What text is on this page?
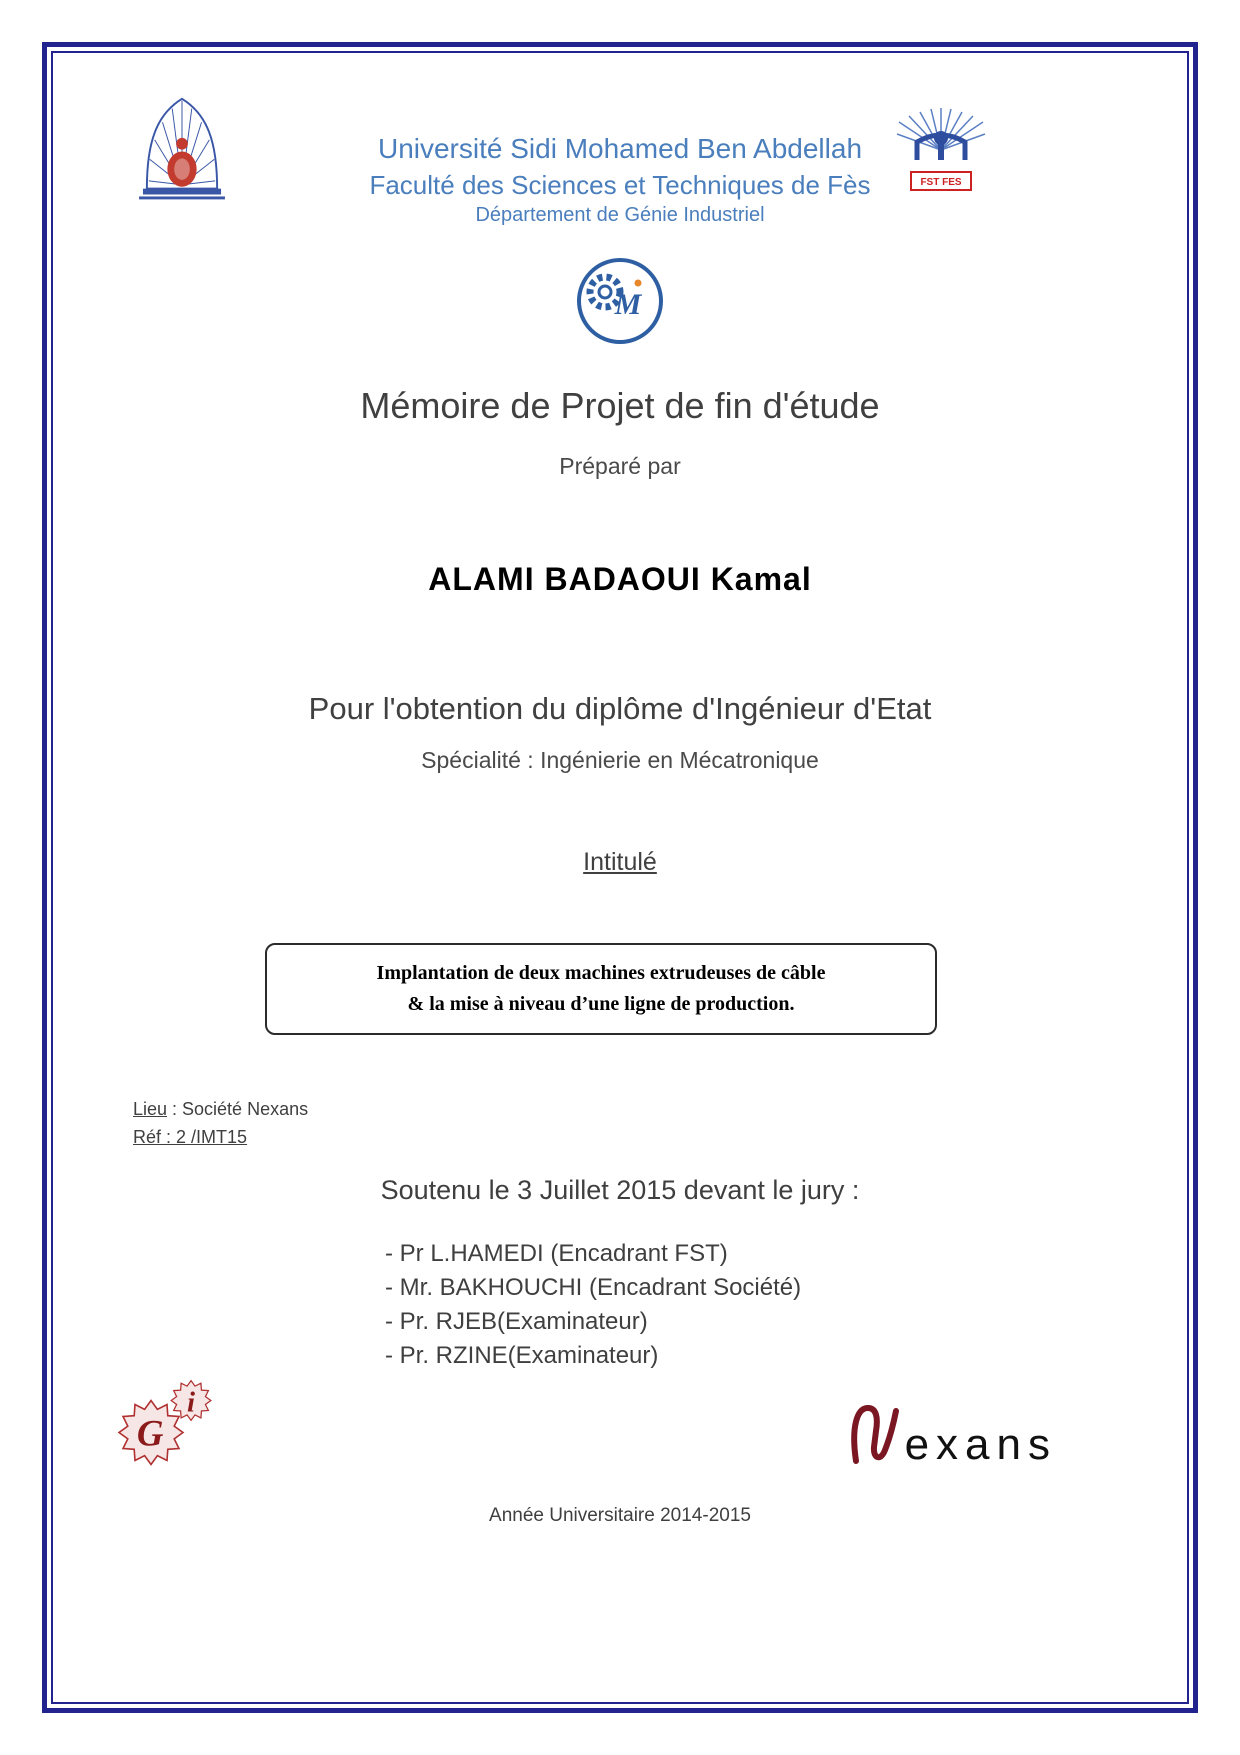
FST FES
M
Université Sidi Mohamed Ben Abdellah
Faculté des Sciences et Techniques de Fès
Département de Génie Industriel
Mémoire de Projet de fin d'étude
Préparé par
ALAMI BADAOUI Kamal
Pour l'obtention du diplôme d'Ingénieur d'Etat
Spécialité : Ingénierie en Mécatronique
Intitulé
Implantation de deux machines extrudeuses de câble
& la mise à niveau d’une ligne de production.
Lieu : Société Nexans
Réf : 2 /IMT15
Soutenu le 3 Juillet 2015 devant le jury :
- Pr L.HAMEDI (Encadrant FST)
- Mr. BAKHOUCHI (Encadrant Société)
- Pr. RJEB(Examinateur)
- Pr. RZINE(Examinateur)
G
i
exans
Année Universitaire 2014-2015
